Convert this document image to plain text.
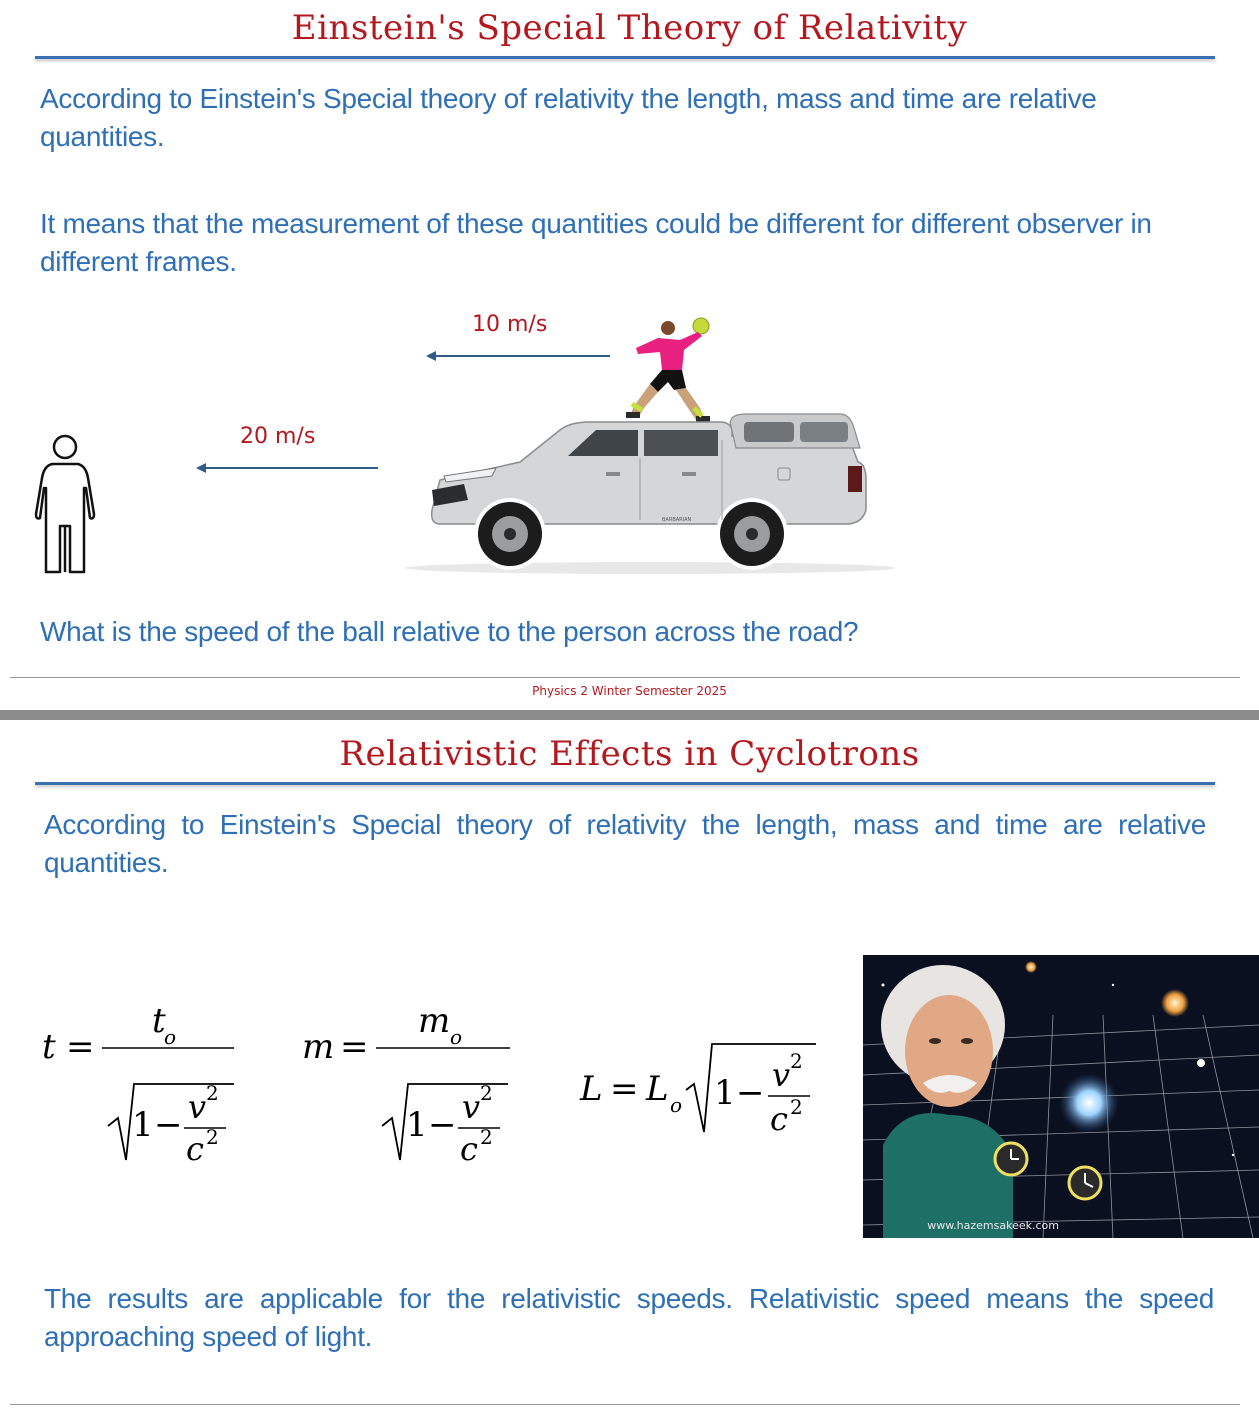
Einstein's Special Theory of Relativity
According to Einstein's Special theory of relativity the length, mass and time are relative quantities.
It means that the measurement of these quantities could be different for different observer in different frames.
10 m/s
20 m/s
BARBARIAN
What is the speed of the ball relative to the person across the road?
Physics 2 Winter Semester 2025
Relativistic Effects in Cyclotrons
According to Einstein's Special theory of relativity the length, mass and time are relative quantities.
t =
t
o
1 − v 2
c 2
m =
m o
1 − v 2
c 2
L = L o 1 − v 2
c 2
www.hazemsakeek.com
The results are applicable for the relativistic speeds. Relativistic speed means the speed approaching speed of light.
